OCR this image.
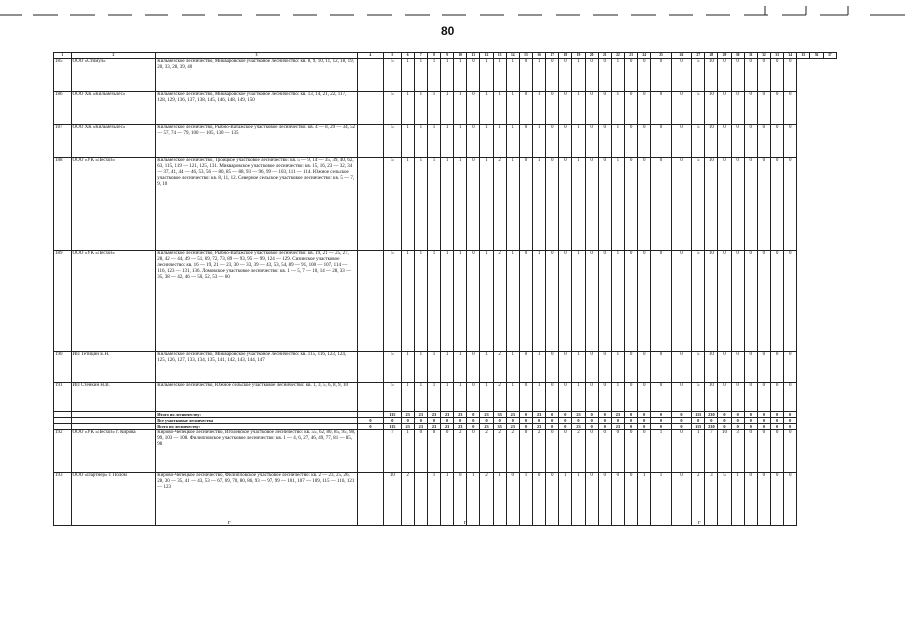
80
1	2	3	4	5	6	7	8	9	10	11	12	13	14	15	16	17	18	19	20	21	22	23	24	25	26	27	28	29	30	31	32	33	34	35	36	37
185	ООО «Стимул»	Кильмезское лесничество, Микваровское участковое лесничество: кв. 8, 9, 10, 11, 12, 18, 19, 20, 33, 28, 39, 40		5	1	1	1	1	1	0	1	1	1	0	1	0	0	1	0	0	1	0	0	0	0	5	10	0	0	0	0	0	0			
186	ООО ХК «Кильмезьлес»	Кильмезское лесничество, Микваровское участковое лесничество: кв. 13, 14, 21, 22, 117, 128, 129, 136, 137, 138, 145, 146, 148, 149, 150		5	1	1	1	1	1	0	1	1	1	0	1	0	0	1	0	0	1	0	0	0	0	5	10	0	0	0	0	0	0			
187	ООО ХК «Кильмезьлес»	Кильмезское лесничество, Рыбно-Ватажское участковое лесничество: кв. 4 — 8, 29 — 34, 52 — 57, 74 — 79, 100 — 105, 130 — 135		5	1	1	1	1	1	0	1	1	1	0	1	0	0	1	0	0	1	0	0	0	0	5	10	0	0	0	0	0	0			
188	ООО «УК «Лесхоз»	Кильмезское лесничество, Троицкое участковое лесничество: кв. 5 — 9, 14 — 35, 39, 40, 62, 63, 115, 119 — 121, 125, 131. Микваровское участковое лесничество: кв. 15, 16, 23 — 32, 34 — 37, 41, 44 — 46, 53, 56 — 80, 85 — 88, 93 — 96, 99 — 103, 111 — 114. Южное сельское участковое лесничество: кв. 8, 11, 12. Северное сельское участковое лесничество: кв. 5 — 7, 9, 10		5	1	1	1	1	1	0	1	2	1	0	1	0	0	1	0	0	1	0	0	0	0	5	10	0	0	0	0	0	0			
189	ООО «УК «Лесхоз»	Кильмезское лесничество, Рыбно-Ватажское участковое лесничество: кв. 19, 21 — 25, 27, 28, 42 — 44, 49 — 51, 69, 72, 73, 89 — 93, 95 — 99, 124 — 129. Сизинское участковое лесничество: кв. 16 — 19, 21 — 23, 30 — 33, 39 — 43, 53, 54, 89 — 91, 100 — 107, 114 — 116, 123 — 131, 136. Ломовское участковое лесничество: кв. 1 — 5, 7 — 10, 14 — 28, 33 — 35, 38 — 42, 46 — 50, 52, 53 — 60		5	1	1	1	1	1	0	1	2	1	0	1	0	0	1	0	0	1	0	0	0	0	5	10	0	0	0	0	0	0			
190	ИП Тетицин Е.Н.	Кильмезское лесничество, Микваровское участковое лесничество: кв. 115, 116, 123, 124, 125, 126, 127, 133, 134, 135, 141, 142, 143, 144, 147		5	1	1	1	1	1	0	1	2	1	0	1	0	0	1	0	0	1	0	0	0	0	5	10	0	0	0	0	0	0			
191	ИП Стенкин Н.В.	Кильмезское лесничество, Южное сельское участковое лесничество: кв. 1, 3, 5, 6, 8, 9, 10		5	1	1	1	1	1	0	1	2	1	0	1	0	0	1	0	0	1	0	0	0	0	5	10	0	0	0	0	0	0			
		Итого по лесничеству:		115	23	23	23	23	23	0	23	35	23	0	23	0	0	23	0	0	23	0	0	0	0	115	230	0	0	0	0	0	0			
		Все участковые лесничества	0	0	0	0	0	0	0	0	0	0	0	0	0	0	0	0	0	0	0	0	0	0	0	0	0	0	0	0	0	0	0			
		Всего по лесничеству:	0	115	23	23	23	23	23	0	23	35	23	0	23	0	0	23	0	0	23	0	0	0	0	115	230	0	0	0	0	0	0			
192	ООО «УК «Лесхоз» г. Кирова	Кирово-Чепецкое лесничество, Иголевское участковое лесничество: кв. 55, 62, 80, 85, 95, 98, 99, 103 — 108. Филипповское участковое лесничество: кв. 1 — 4, 6, 27, 46, 49, 77, 81 — 85, 98		7	1	0	0	0	2	0	2	2	2	0	2	0	0	2	0	0	0	0	0	1	0	1	7	10	3	0	0	0	0			
193	ООО «Партнер» г. Полом	Кирово-Чепецкое лесничество, Филипповское участковое лесничество: кв. 2 — 23, 25, 26, 28, 30 — 35, 41 — 43, 53 — 67, 69, 70, 80, 86, 93 — 97, 99 — 101, 107 — 109, 115 — 116, 121 — 123		10	2		1	1	0	1	2	1	0	1	0	0	1	1	0	0	0	0	1	1	0	2	3	5	1	0	0	0	0			
г	г	г
